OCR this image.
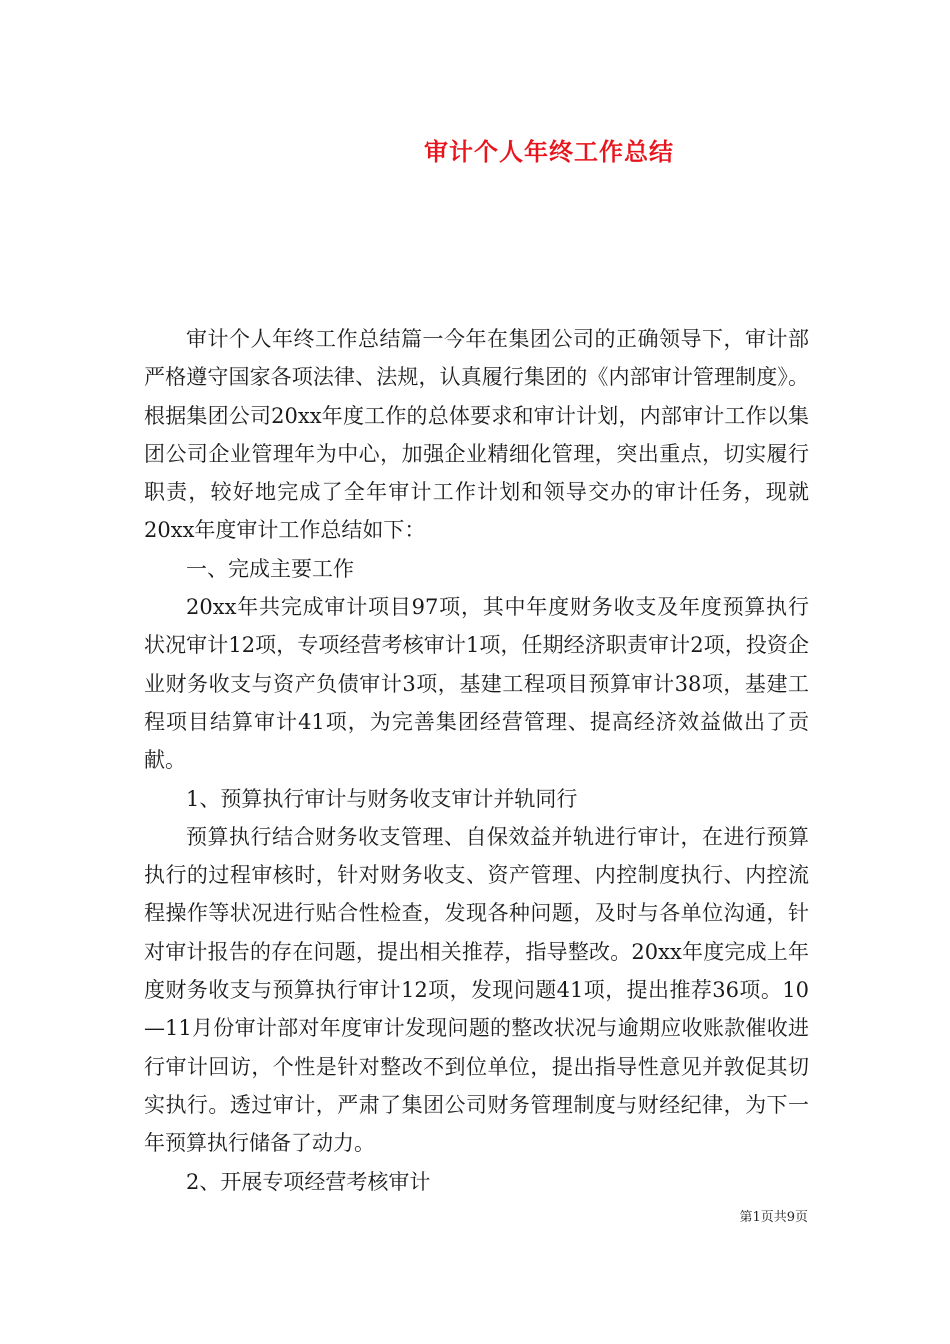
审计个人年终工作总结

审计个人年终工作总结篇一今年在集团公司的正确领导下，审计部严格遵守国家各项法律、法规，认真履行集团的《内部审计管理制度》。根据集团公司20xx年度工作的总体要求和审计计划，内部审计工作以集团公司企业管理年为中心，加强企业精细化管理，突出重点，切实履行职责，较好地完成了全年审计工作计划和领导交办的审计任务，现就20xx年度审计工作总结如下：

一、完成主要工作

20xx年共完成审计项目97项，其中年度财务收支及年度预算执行状况审计12项，专项经营考核审计1项，任期经济职责审计2项，投资企业财务收支与资产负债审计3项，基建工程项目预算审计38项，基建工程项目结算审计41项，为完善集团经营管理、提高经济效益做出了贡献。

1、预算执行审计与财务收支审计并轨同行

预算执行结合财务收支管理、自保效益并轨进行审计，在进行预算执行的过程审核时，针对财务收支、资产管理、内控制度执行、内控流程操作等状况进行贴合性检查，发现各种问题，及时与各单位沟通，针对审计报告的存在问题，提出相关推荐，指导整改。20xx年度完成上年度财务收支与预算执行审计12项，发现问题41项，提出推荐36项。10—11月份审计部对年度审计发现问题的整改状况与逾期应收账款催收进行审计回访，个性是针对整改不到位单位，提出指导性意见并敦促其切实执行。透过审计，严肃了集团公司财务管理制度与财经纪律，为下一年预算执行储备了动力。

2、开展专项经营考核审计

第1页共9页
